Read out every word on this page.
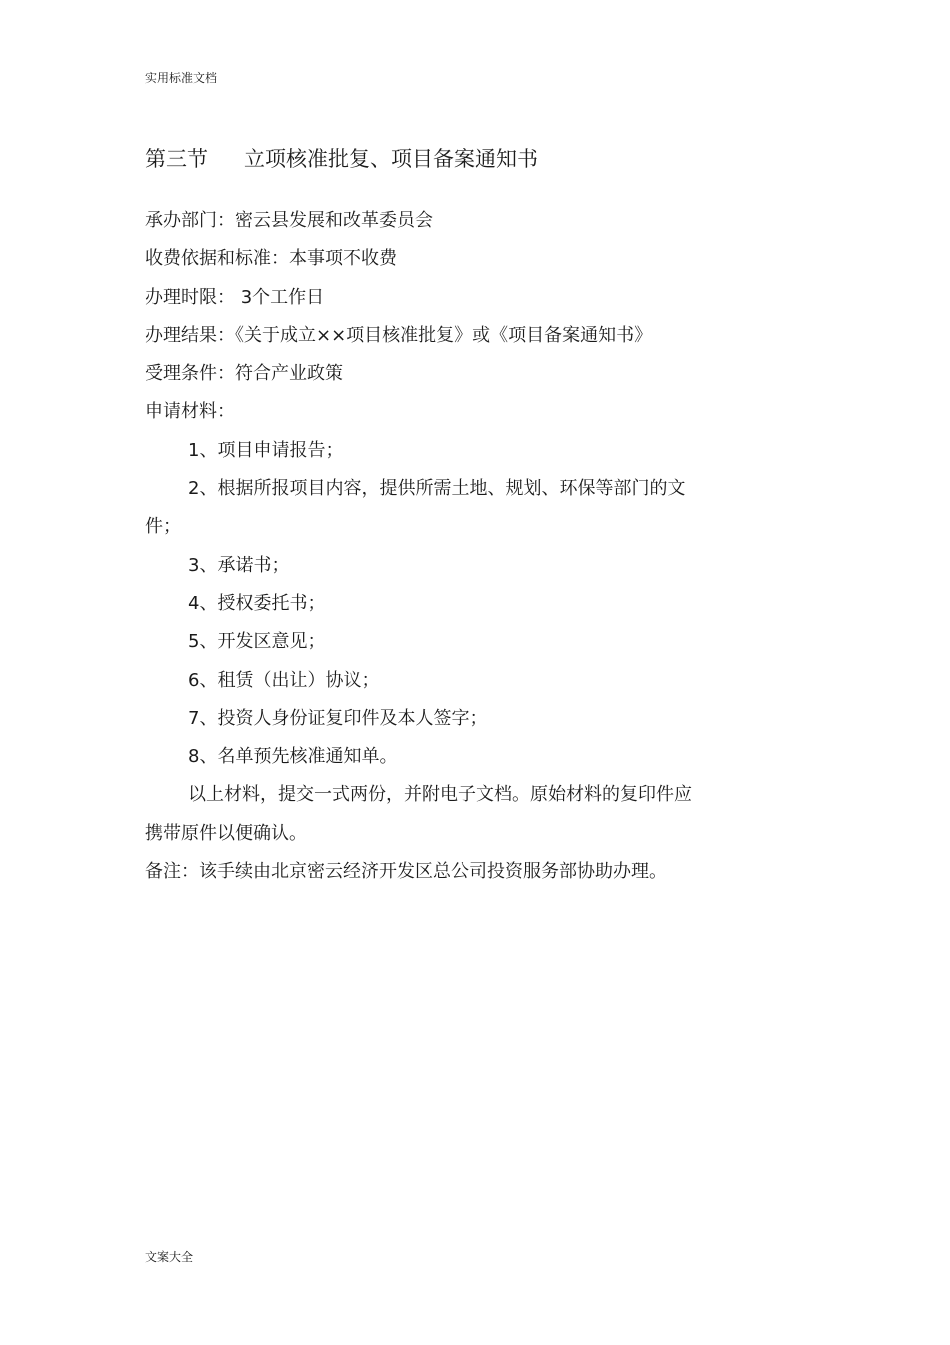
实用标准文档
第三节 立项核准批复、项目备案通知书
承办部门：密云县发展和改革委员会
收费依据和标准：本事项不收费
办理时限： 3个工作日
办理结果：《关于成立××项目核准批复》或《项目备案通知书》
受理条件：符合产业政策
申请材料：
1、项目申请报告；
2、根据所报项目内容，提供所需土地、规划、环保等部门的文
件；
3、承诺书；
4、授权委托书；
5、开发区意见；
6、租赁（出让）协议；
7、投资人身份证复印件及本人签字；
8、名单预先核准通知单。
以上材料，提交一式两份，并附电子文档。原始材料的复印件应
携带原件以便确认。
备注：该手续由北京密云经济开发区总公司投资服务部协助办理。
文案大全
